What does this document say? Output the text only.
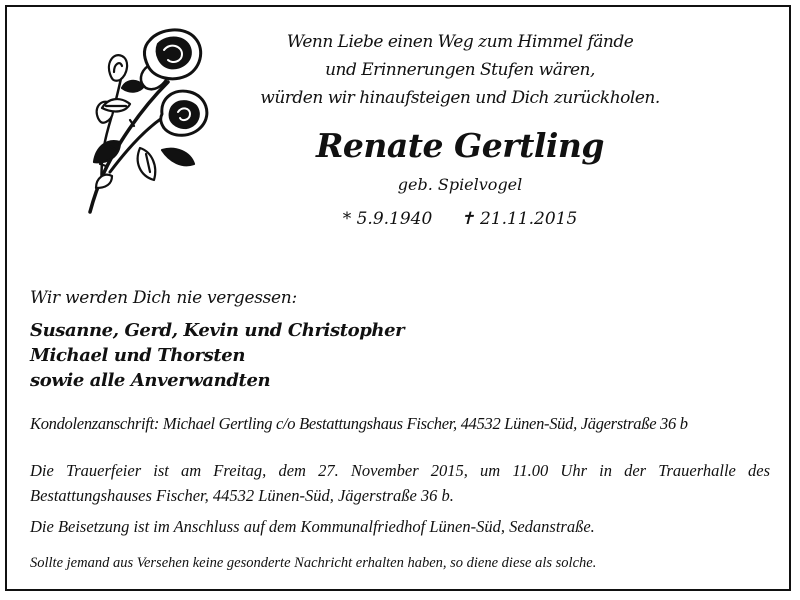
Wenn Liebe einen Weg zum Himmel fände
und Erinnerungen Stufen wären,
würden wir hinaufsteigen und Dich zurückholen.
Renate Gertling
geb. Spielvogel
* 5.9.1940 ✝ 21.11.2015
Wir werden Dich nie vergessen:
Susanne, Gerd, Kevin und Christopher
Michael und Thorsten
sowie alle Anverwandten
Kondolenzanschrift: Michael Gertling c/o Bestattungshaus Fischer, 44532 Lünen-Süd, Jägerstraße 36 b
Die Trauerfeier ist am Freitag, dem 27. November 2015, um 11.00 Uhr in der Trauerhalle des Bestattungshauses Fischer, 44532 Lünen-Süd, Jägerstraße 36 b.
Die Beisetzung ist im Anschluss auf dem Kommunalfriedhof Lünen-Süd, Sedanstraße.
Sollte jemand aus Versehen keine gesonderte Nachricht erhalten haben, so diene diese als solche.
